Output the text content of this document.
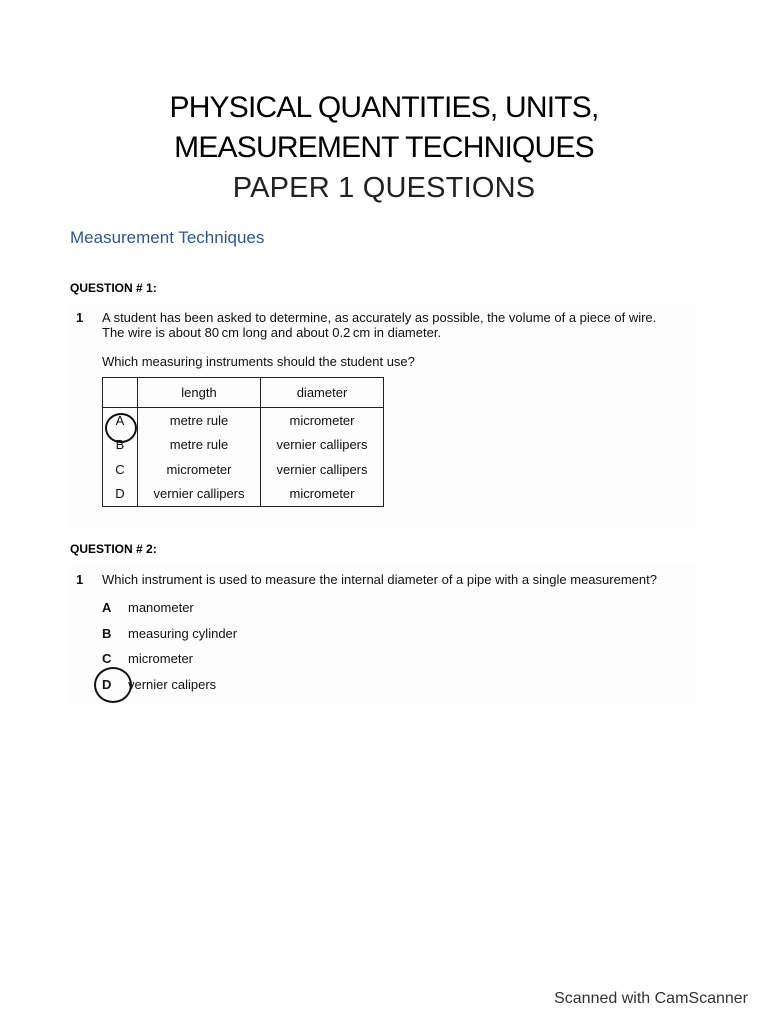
PHYSICAL QUANTITIES, UNITS,
MEASUREMENT TECHNIQUES
PAPER 1 QUESTIONS
Measurement Techniques
QUESTION # 1:
1 A student has been asked to determine, as accurately as possible, the volume of a piece of wire.
The wire is about 80 cm long and about 0.2 cm in diameter.
Which measuring instruments should the student use?
	length	diameter
A	metre rule	micrometer
B	metre rule	vernier callipers
C	micrometer	vernier callipers
D	vernier callipers	micrometer
QUESTION # 2:
1 Which instrument is used to measure the internal diameter of a pipe with a single measurement?
A manometer
B measuring cylinder
C micrometer
D vernier calipers
Scanned with CamScanner
